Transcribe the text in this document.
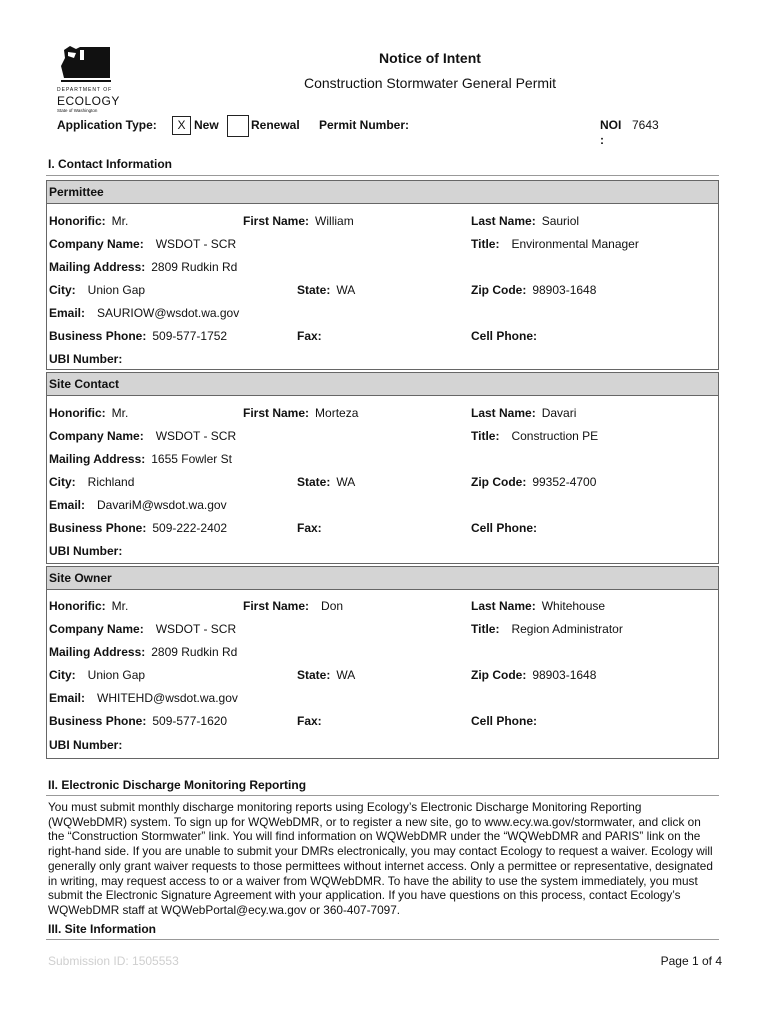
DEPARTMENT OF
ECOLOGY
State of Washington
Notice of Intent
Construction Stormwater General Permit
Application Type:	X New	Renewal Permit Number:	NOI
:
7643
I. Contact Information
Permittee
Honorific: Mr.	First Name: William	Last Name: Sauriol
Company Name: WSDOT - SCR	Title: Environmental Manager
Mailing Address: 2809 Rudkin Rd
City: Union Gap	State: WA	Zip Code: 98903-1648
Email: SAURIOW@wsdot.wa.gov
Business Phone: 509-577-1752	Fax:	Cell Phone:
UBI Number:
Site Contact
Honorific: Mr.	First Name: Morteza	Last Name: Davari
Company Name: WSDOT - SCR	Title: Construction PE
Mailing Address: 1655 Fowler St
City: Richland	State: WA	Zip Code: 99352-4700
Email: DavariM@wsdot.wa.gov
Business Phone: 509-222-2402	Fax:	Cell Phone:
UBI Number:
Site Owner
Honorific: Mr.	First Name: Don	Last Name: Whitehouse
Company Name: WSDOT - SCR	Title: Region Administrator
Mailing Address: 2809 Rudkin Rd
City: Union Gap	State: WA	Zip Code: 98903-1648
Email: WHITEHD@wsdot.wa.gov
Business Phone: 509-577-1620	Fax:	Cell Phone:
UBI Number:
II. Electronic Discharge Monitoring Reporting
You must submit monthly discharge monitoring reports using Ecology’s Electronic Discharge Monitoring Reporting (WQWebDMR) system. To sign up for WQWebDMR, or to register a new site, go to www.ecy.wa.gov/stormwater, and click on the “Construction Stormwater” link. You will find information on WQWebDMR under the “WQWebDMR and PARIS” link on the right-hand side. If you are unable to submit your DMRs electronically, you may contact Ecology to request a waiver. Ecology will generally only grant waiver requests to those permittees without internet access. Only a permittee or representative, designated in writing, may request access to or a waiver from WQWebDMR. To have the ability to use the system immediately, you must submit the Electronic Signature Agreement with your application. If you have questions on this process, contact Ecology’s WQWebDMR staff at WQWebPortal@ecy.wa.gov or 360-407-7097.
III. Site Information
Submission ID: 1505553	Page 1 of 4
